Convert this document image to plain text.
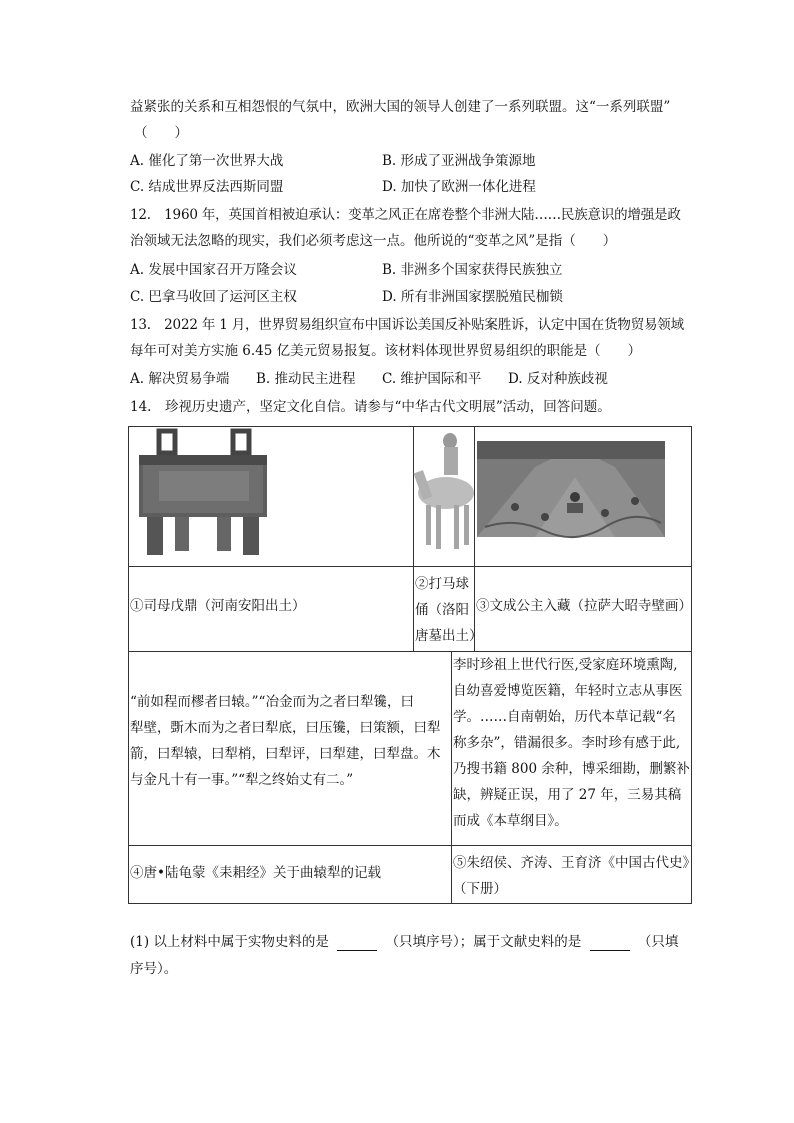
益紧张的关系和互相怨恨的气氛中，欧洲大国的领导人创建了一系列联盟。这“一系列联盟”
（　　）
A. 催化了第一次世界大战	B. 形成了亚洲战争策源地
C. 结成世界反法西斯同盟	D. 加快了欧洲一体化进程
12.　1960 年，英国首相被迫承认：变革之风正在席卷整个非洲大陆……民族意识的增强是政
治领域无法忽略的现实，我们必须考虑这一点。他所说的“变革之风”是指（　　）
A. 发展中国家召开万隆会议	B. 非洲多个国家获得民族独立
C. 巴拿马收回了运河区主权	D. 所有非洲国家摆脱殖民枷锁
13.　2022 年 1 月，世界贸易组织宣布中国诉讼美国反补贴案胜诉，认定中国在货物贸易领域
每年可对美方实施 6.45 亿美元贸易报复。该材料体现世界贸易组织的职能是（　　）
A. 解决贸易争端 B. 推动民主进程 C. 维护国际和平 D. 反对种族歧视
14.　珍视历史遗产，坚定文化自信。请参与“中华古代文明展”活动，回答问题。
①司母戊鼎（河南安阳出土）
②打马球
俑（洛阳
唐墓出土）
③文成公主入藏（拉萨大昭寺壁画）
“前如程而樛者曰辕。”“冶金而为之者曰犁镵，曰
犁壁，斲木而为之者曰犁底，曰压镵，曰策额，曰犁
箭，曰犁辕，曰犁梢，曰犁评，曰犁建，曰犁盘。木
与金凡十有一事。”“犁之终始丈有二。”
李时珍祖上世代行医,受家庭环境熏陶,
自幼喜爱博览医籍，年轻时立志从事医
学。……自南朝始，历代本草记载“名
称多杂”，错漏很多。李时珍有感于此,
乃搜书籍 800 余种，博采细勘，删繁补
缺，辨疑正误，用了 27 年，三易其稿
而成《本草纲目》。
④唐•陆龟蒙《耒耜经》关于曲辕犁的记载
⑤朱绍侯、齐涛、王育济《中国古代史》
（下册）
(1) 以上材料中属于实物史料的是	（只填序号）；属于文献史料的是	（只填
序号）。
